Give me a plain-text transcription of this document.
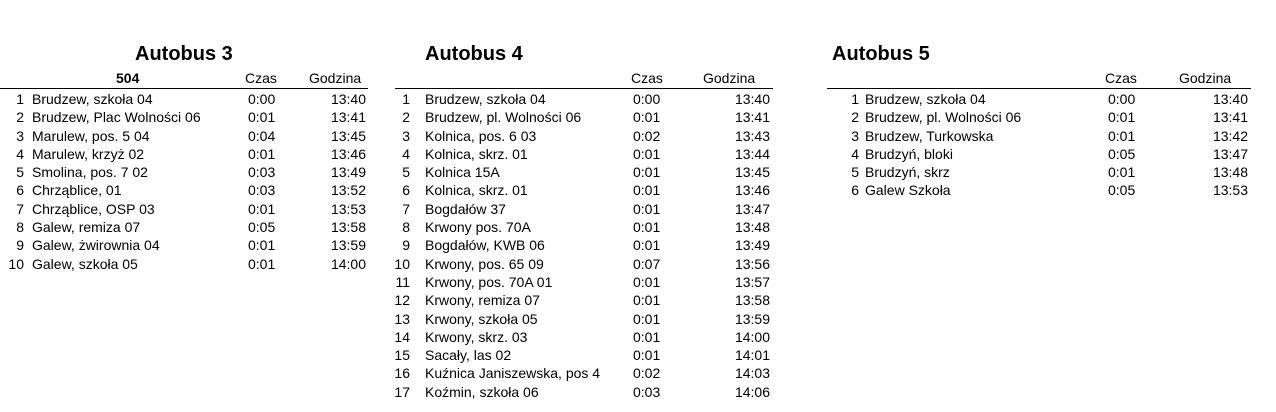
Autobus 3
504	Czas Godzina
1 Brudzew, szkoła 04	0:00	13:40
2 Brudzew, Plac Wolności 06	0:01	13:41
3 Marulew, pos. 5 04	0:04	13:45
4 Marulew, krzyż 02	0:01	13:46
5 Smolina, pos. 7 02	0:03	13:49
6 Chrząblice, 01	0:03	13:52
7 Chrząblice, OSP 03	0:01	13:53
8 Galew, remiza 07	0:05	13:58
9 Galew, żwirownia 04	0:01	13:59
10 Galew, szkoła 05	0:01	14:00
Autobus 4
Czas	Godzina
1 Brudzew, szkoła 04	0:00	13:40
2 Brudzew, pl. Wolności 06	0:01	13:41
3 Kolnica, pos. 6 03	0:02	13:43
4 Kolnica, skrz. 01	0:01	13:44
5 Kolnica 15A	0:01	13:45
6 Kolnica, skrz. 01	0:01	13:46
7 Bogdałów 37	0:01	13:47
8 Krwony pos. 70A	0:01	13:48
9 Bogdałów, KWB 06	0:01	13:49
10 Krwony, pos. 65 09	0:07	13:56
11 Krwony, pos. 70A 01	0:01	13:57
12 Krwony, remiza 07	0:01	13:58
13 Krwony, szkoła 05	0:01	13:59
14 Krwony, skrz. 03	0:01	14:00
15 Sacały, las 02	0:01	14:01
16 Kuźnica Janiszewska, pos 4 0:02	14:03
17 Koźmin, szkoła 06	0:03	14:06
Autobus 5
Czas	Godzina
1 Brudzew, szkoła 04	0:00	13:40
2 Brudzew, pl. Wolności 06	0:01	13:41
3 Brudzew, Turkowska	0:01	13:42
4 Brudzyń, bloki	0:05	13:47
5 Brudzyń, skrz	0:01	13:48
6 Galew Szkoła	0:05	13:53
